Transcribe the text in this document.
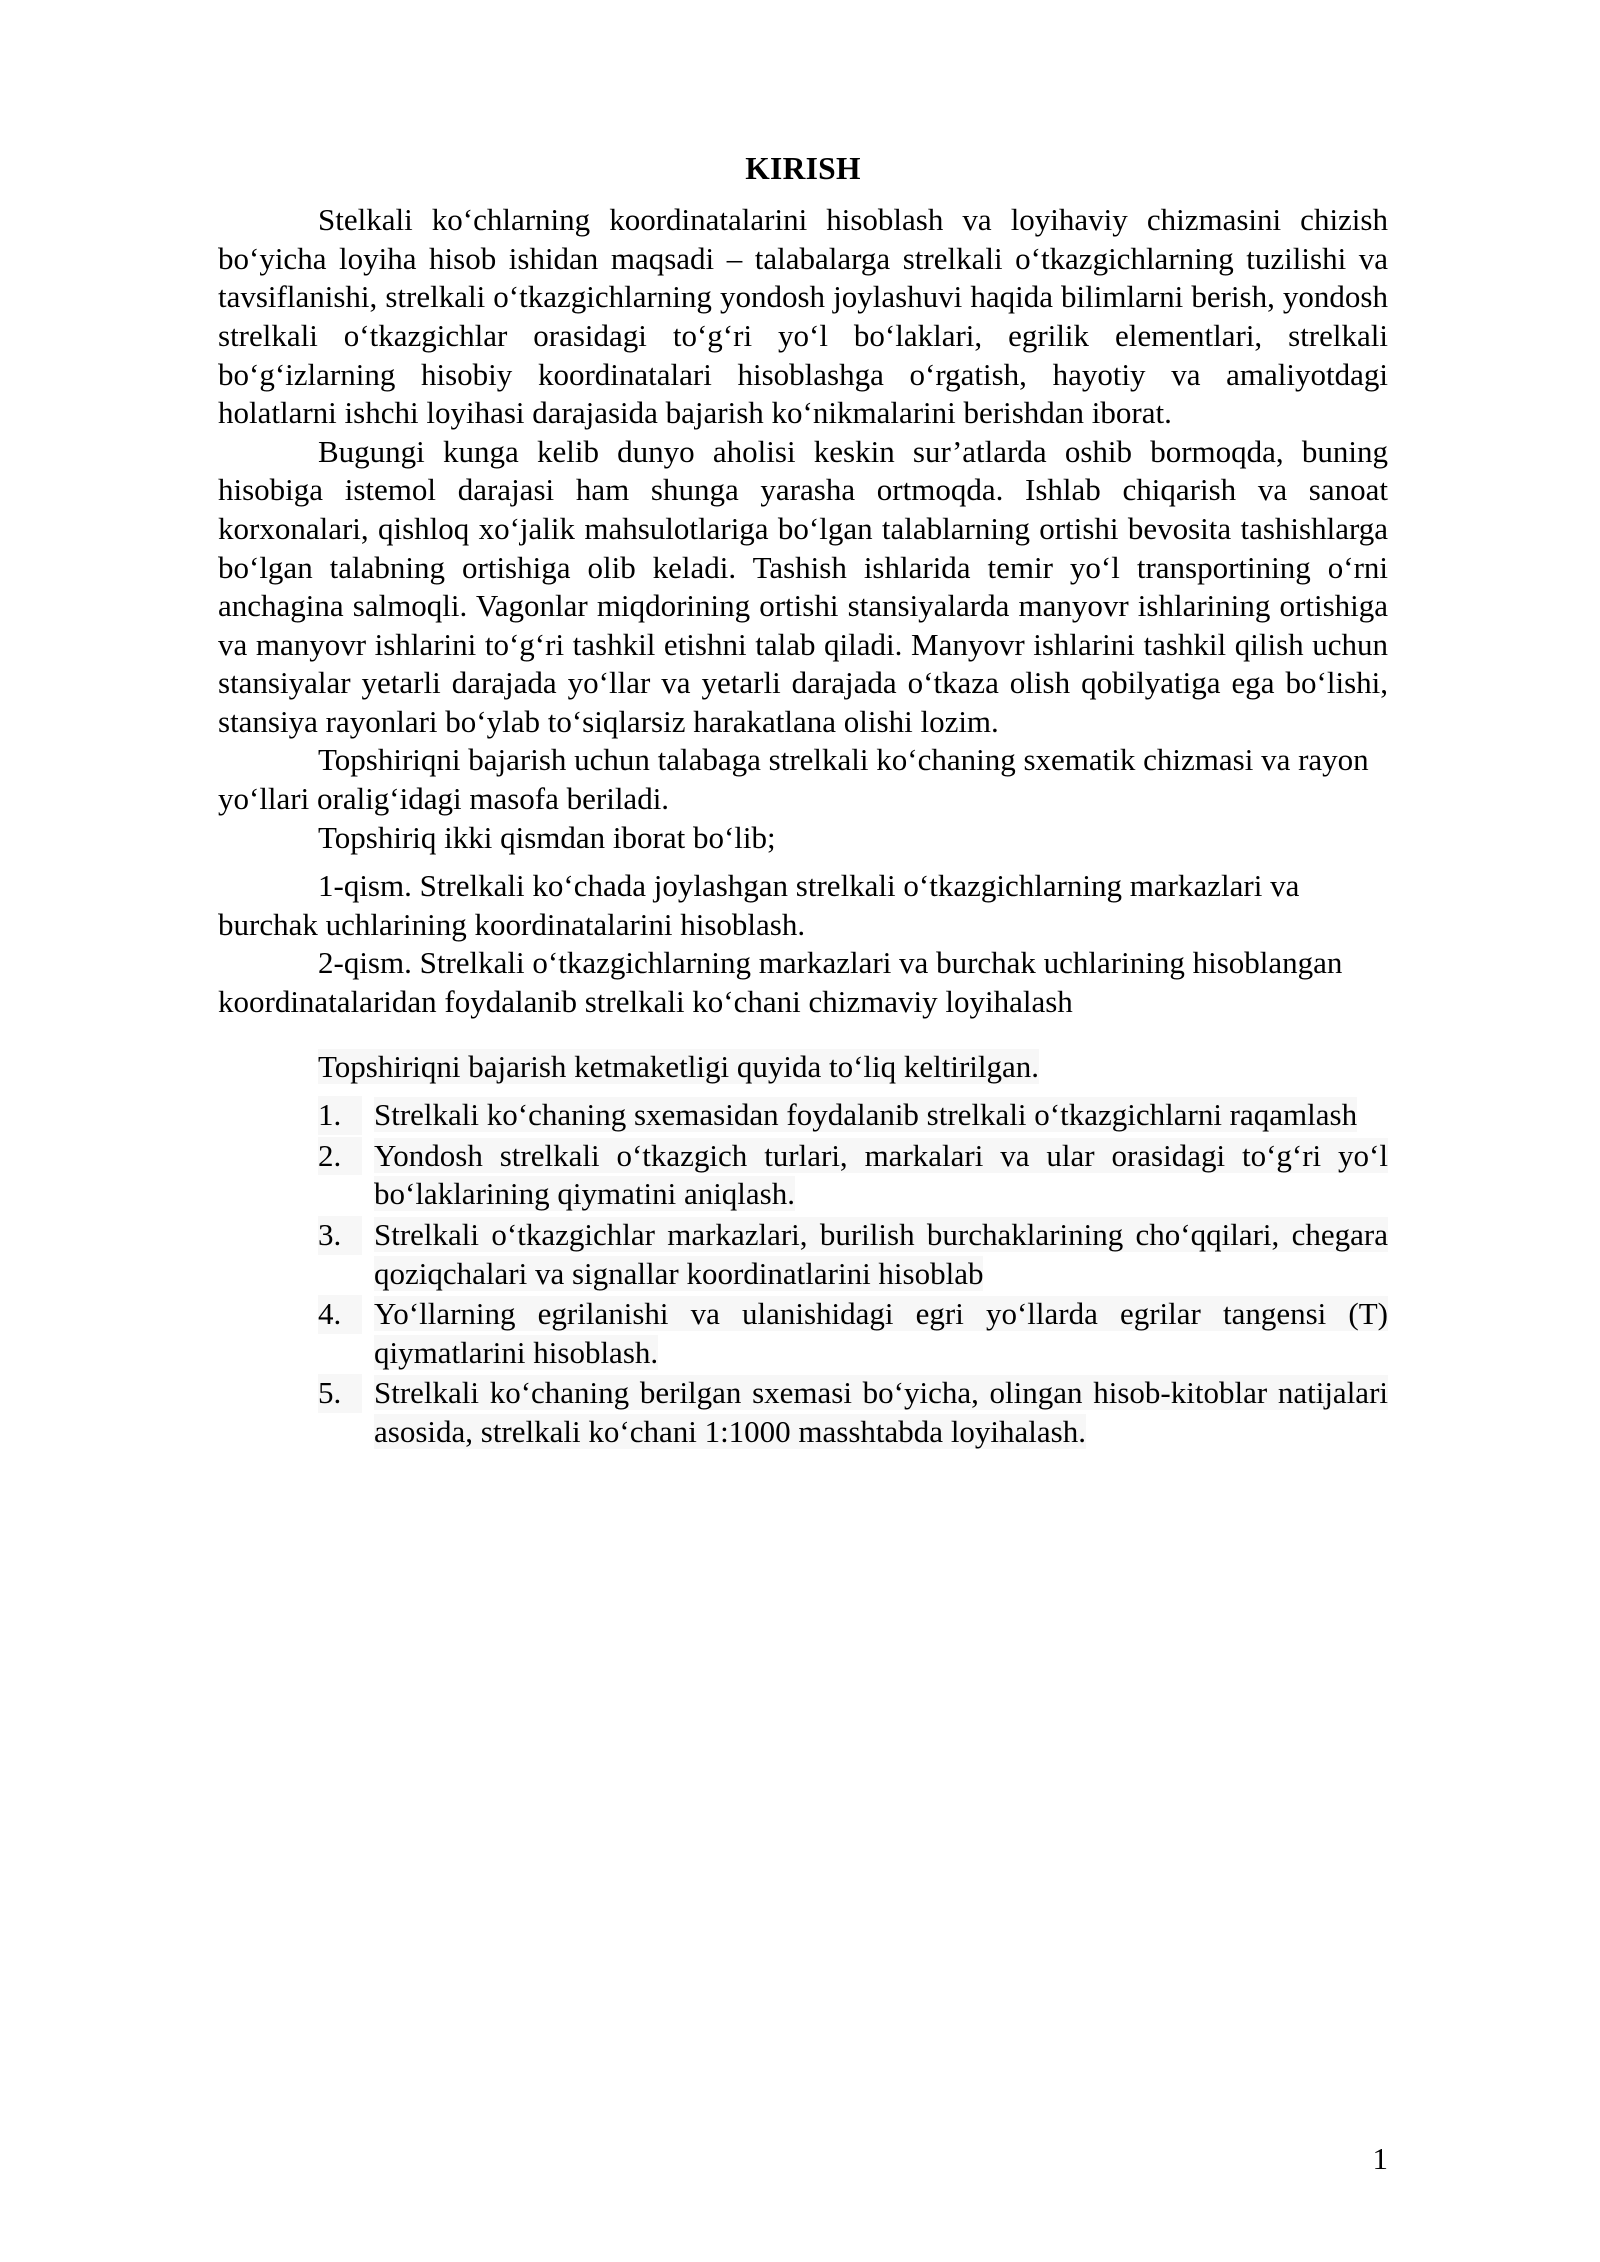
KIRISH

Stelkali ko‘chlarning koordinatalarini hisoblash va loyihaviy chizmasini chizish bo‘yicha loyiha hisob ishidan maqsadi – talabalarga strelkali o‘tkazgichlarning tuzilishi va tavsiflanishi, strelkali o‘tkazgichlarning yondosh joylashuvi haqida bilimlarni berish, yondosh strelkali o‘tkazgichlar orasidagi to‘g‘ri yo‘l bo‘laklari, egrilik elementlari, strelkali bo‘g‘izlarning hisobiy koordinatalari hisoblashga o‘rgatish, hayotiy va amaliyotdagi holatlarni ishchi loyihasi darajasida bajarish ko‘nikmalarini berishdan iborat.

Bugungi kunga kelib dunyo aholisi keskin sur’atlarda oshib bormoqda, buning hisobiga istemol darajasi ham shunga yarasha ortmoqda. Ishlab chiqarish va sanoat korxonalari, qishloq xo‘jalik mahsulotlariga bo‘lgan talablarning ortishi bevosita tashishlarga bo‘lgan talabning ortishiga olib keladi. Tashish ishlarida temir yo‘l transportining o‘rni anchagina salmoqli. Vagonlar miqdorining ortishi stansiyalarda manyovr ishlarining ortishiga va manyovr ishlarini to‘g‘ri tashkil etishni talab qiladi. Manyovr ishlarini tashkil qilish uchun stansiyalar yetarli darajada yo‘llar va yetarli darajada o‘tkaza olish qobilyatiga ega bo‘lishi, stansiya rayonlari bo‘ylab to‘siqlarsiz harakatlana olishi lozim.

Topshiriqni bajarish uchun talabaga strelkali ko‘chaning sxematik chizmasi va rayon yo‘llari oralig‘idagi masofa beriladi.

Topshiriq ikki qismdan iborat bo‘lib;

1-qism. Strelkali ko‘chada joylashgan strelkali o‘tkazgichlarning markazlari va burchak uchlarining koordinatalarini hisoblash.

2-qism. Strelkali o‘tkazgichlarning markazlari va burchak uchlarining hisoblangan koordinatalaridan foydalanib strelkali ko‘chani chizmaviy loyihalash

Topshiriqni bajarish ketmaketligi quyida to‘liq keltirilgan.

Strelkali ko‘chaning sxemasidan foydalanib strelkali o‘tkazgichlarni raqamlash
Yondosh strelkali o‘tkazgich turlari, markalari va ular orasidagi to‘g‘ri yo‘l bo‘laklarining qiymatini aniqlash.
Strelkali o‘tkazgichlar markazlari, burilish burchaklarining cho‘qqilari, chegara qoziqchalari va signallar koordinatlarini hisoblab
Yo‘llarning egrilanishi va ulanishidagi egri yo‘llarda egrilar tangensi (T) qiymatlarini hisoblash.
Strelkali ko‘chaning berilgan sxemasi bo‘yicha, olingan hisob-kitoblar natijalari asosida, strelkali ko‘chani 1:1000 masshtabda loyihalash.
1
